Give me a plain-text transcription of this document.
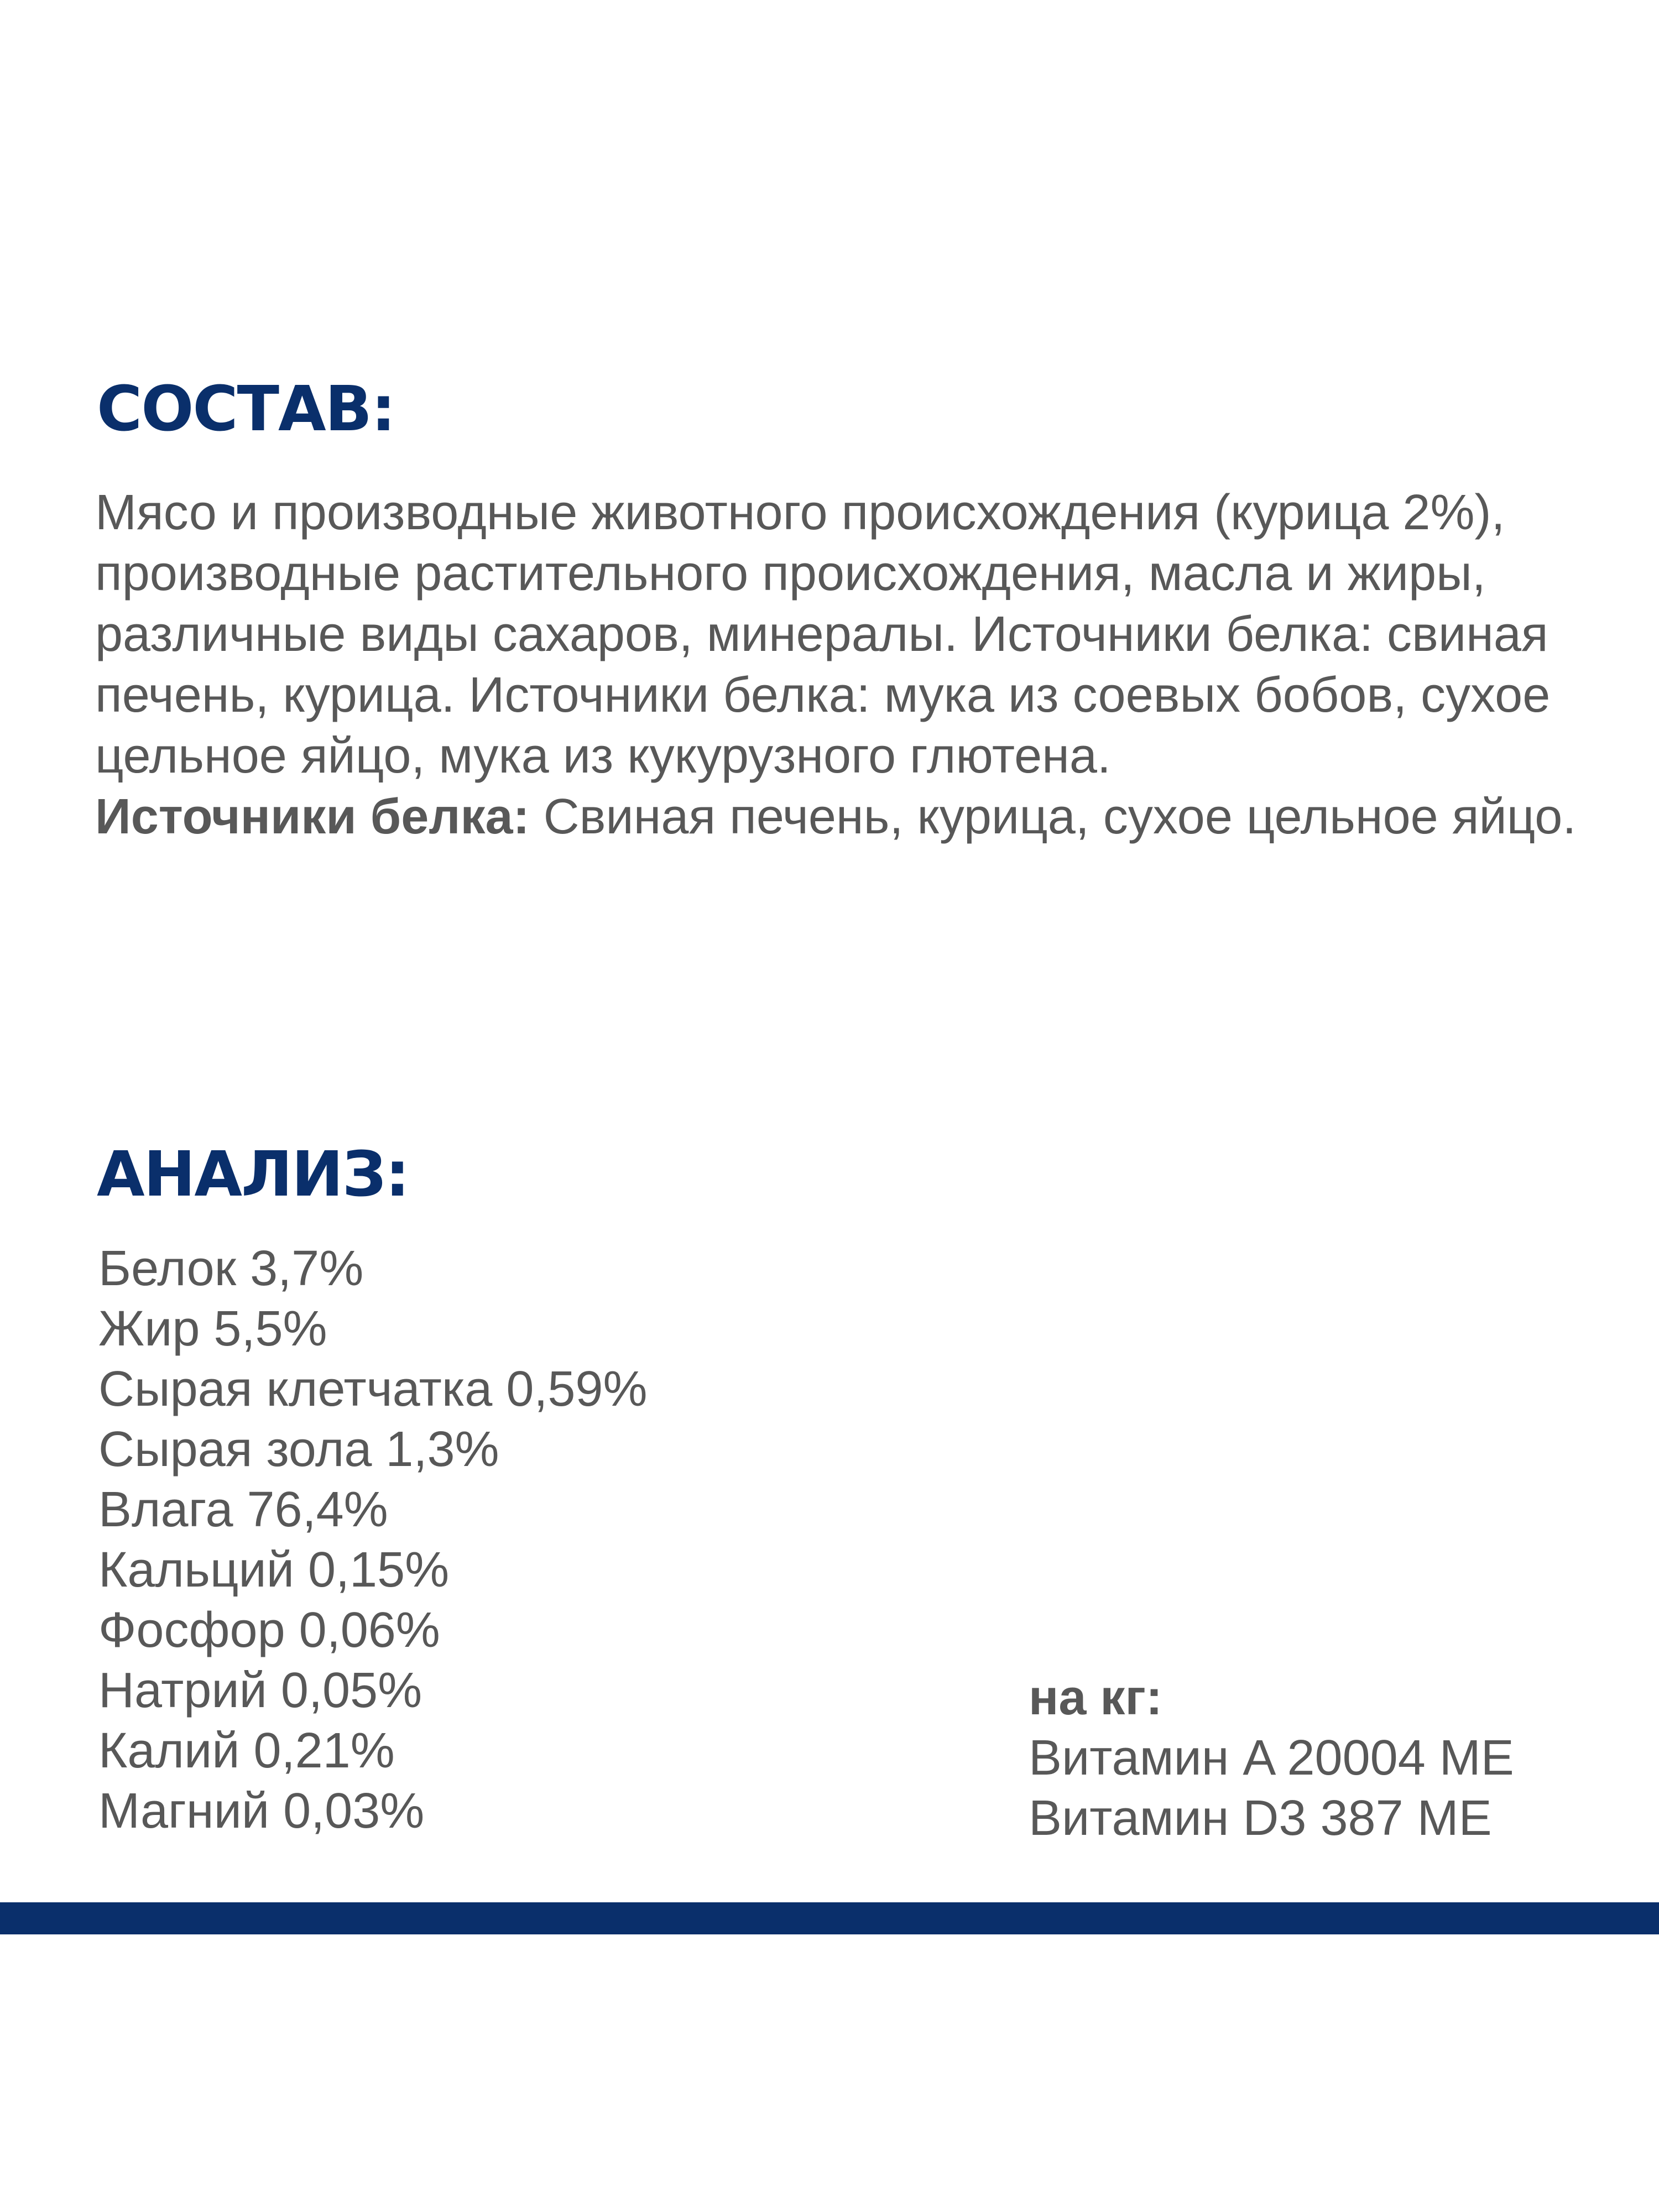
СОСТАВ:

Мясо и производные животного происхождения (курица 2%), производные растительного происхождения, масла и жиры, различные виды сахаров, минералы. Источники белка: свиная печень, курица. Источники белка: мука из соевых бобов, сухое цельное яйцо, мука из кукурузного глютена.
Источники белка: Свиная печень, курица, сухое цельное яйцо.

АНАЛИЗ:
Белок 3,7%
Жир 5,5%
Сырая клетчатка 0,59%
Сырая зола 1,3%
Влага 76,4%
Кальций 0,15%
Фосфор 0,06%
Натрий 0,05%
Калий 0,21%
Магний 0,03%

на кг:

Витамин A 20004 МЕ
Витамин D3 387 МЕ
